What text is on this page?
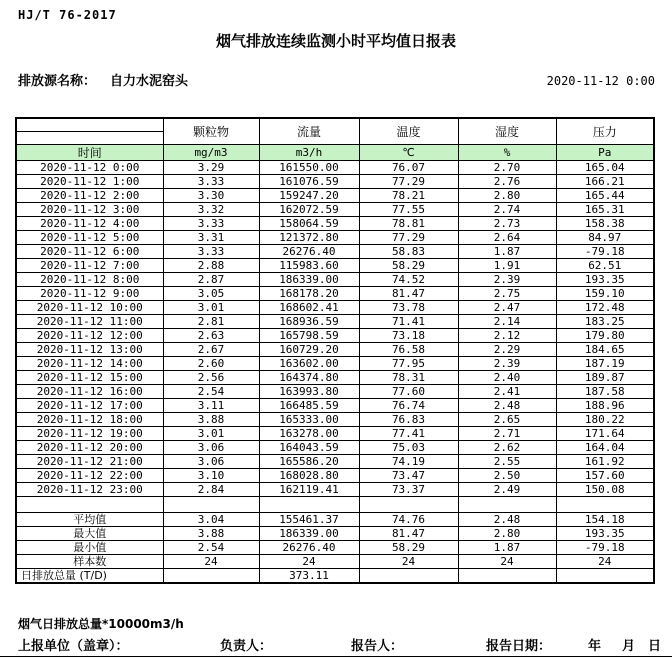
HJ/T 76-2017
烟气排放连续监测小时平均值日报表
排放源名称： 自力水泥窑头	2020-11-12 0:00
	颗粒物	流量	温度	湿度	压力

时间	mg/m3	m3/h	℃	%	Pa
2020-11-12 0:00	3.29	161550.00	76.07	2.70	165.04
2020-11-12 1:00	3.33	161076.59	77.29	2.76	166.21
2020-11-12 2:00	3.30	159247.20	78.21	2.80	165.44
2020-11-12 3:00	3.32	162072.59	77.55	2.74	165.31
2020-11-12 4:00	3.33	158064.59	78.81	2.73	158.38
2020-11-12 5:00	3.31	121372.80	77.29	2.64	84.97
2020-11-12 6:00	3.33	26276.40	58.83	1.87	-79.18
2020-11-12 7:00	2.88	115983.60	58.29	1.91	62.51
2020-11-12 8:00	2.87	186339.00	74.52	2.39	193.35
2020-11-12 9:00	3.05	168178.20	81.47	2.75	159.10
2020-11-12 10:00	3.01	168602.41	73.78	2.47	172.48
2020-11-12 11:00	2.81	168936.59	71.41	2.14	183.25
2020-11-12 12:00	2.63	165798.59	73.18	2.12	179.80
2020-11-12 13:00	2.67	160729.20	76.58	2.29	184.65
2020-11-12 14:00	2.60	163602.00	77.95	2.39	187.19
2020-11-12 15:00	2.56	164374.80	78.31	2.40	189.87
2020-11-12 16:00	2.54	163993.80	77.60	2.41	187.58
2020-11-12 17:00	3.11	166485.59	76.74	2.48	188.96
2020-11-12 18:00	3.88	165333.00	76.83	2.65	180.22
2020-11-12 19:00	3.01	163278.00	77.41	2.71	171.64
2020-11-12 20:00	3.06	164043.59	75.03	2.62	164.04
2020-11-12 21:00	3.06	165586.20	74.19	2.55	161.92
2020-11-12 22:00	3.10	168028.80	73.47	2.50	157.60
2020-11-12 23:00	2.84	162119.41	73.37	2.49	150.08

平均值	3.04	155461.37	74.76	2.48	154.18
最大值	3.88	186339.00	81.47	2.80	193.35
最小值	2.54	26276.40	58.29	1.87	-79.18
样本数	24	24	24	24	24
日排放总量 (T/D)		373.11			
烟气日排放总量*10000m3/h
上报单位（盖章）：	负责人：	报告人：	报告日期：	年 月 日
